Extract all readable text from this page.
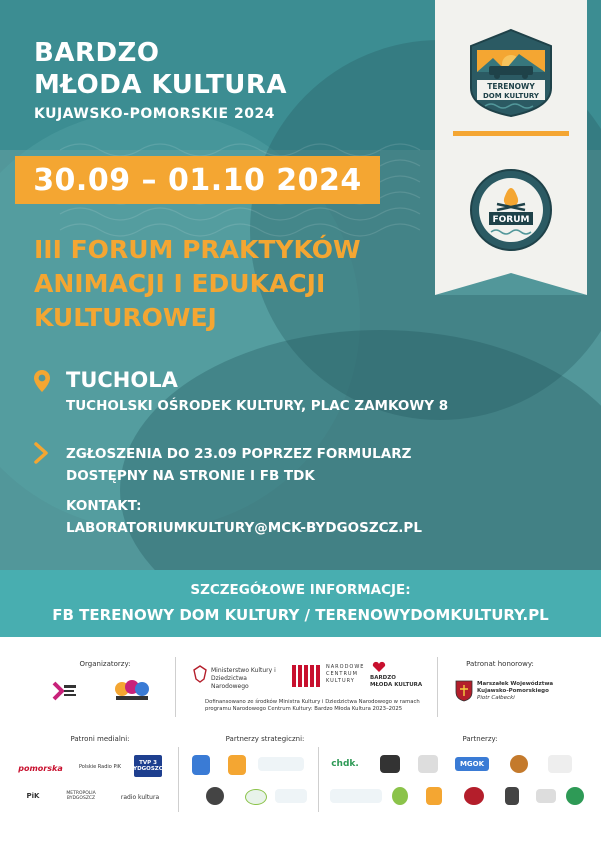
BARDZO
MŁODA KULTURA
KUJAWSKO-POMORSKIE 2024
30.09 – 01.10 2024
III FORUM PRAKTYKÓW
ANIMACJI I EDUKACJI
KULTUROWEJ
TERENOWY
DOM KULTURY
FORUM
TUCHOLA
TUCHOLSKI OŚRODEK KULTURY, PLAC ZAMKOWY 8
ZGŁOSZENIA DO 23.09 POPRZEZ FORMULARZ
DOSTĘPNY NA STRONIE I FB TDK
KONTAKT:
LABORATORIUMKULTURY@MCK-BYDGOSZCZ.PL
SZCZEGÓŁOWE INFORMACJE:
FB TERENOWY DOM KULTURY / TERENOWYDOMKULTURY.PL
Organizatorzy:
Ministerstwo Kultury i Dziedzictwa Narodowego
NARODOWE
CENTRUM
KULTURY	BARDZO
MŁODA KULTURA
Dofinansowano ze środków Ministra Kultury i Dziedzictwa Narodowego w ramach programu Narodowego Centrum Kultury: Bardzo Młoda Kultura 2023–2025
Patronat honorowy:
Marszałek Województwa
Kujawsko-Pomorskiego
Piotr Całbecki
Patroni medialni:	Partnerzy strategiczni:	Partnerzy:
pomorska	Polskie Radio PiK
TVP 3 BYDGOSZCZ
PiK	METROPOLIA BYDGOSZCZ	radio kultura
chdk.	MGOK
